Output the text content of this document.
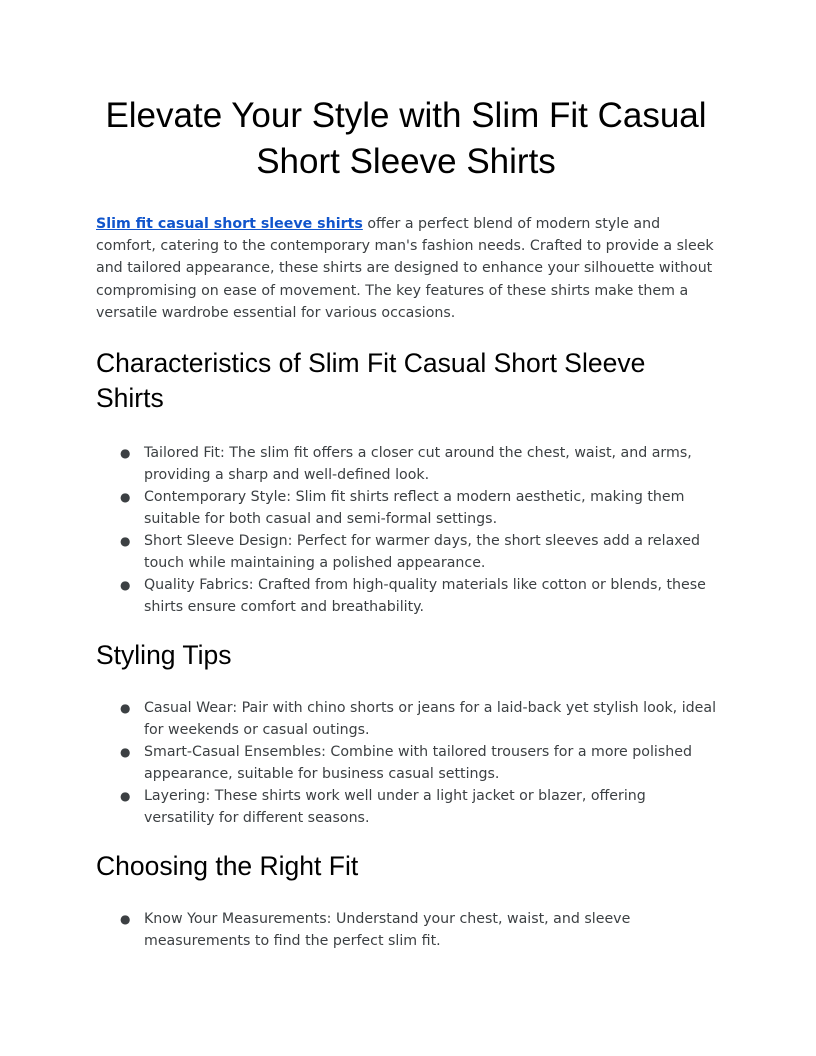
Elevate Your Style with Slim Fit Casual Short Sleeve Shirts

Slim fit casual short sleeve shirts offer a perfect blend of modern style and comfort, catering to the contemporary man's fashion needs. Crafted to provide a sleek and tailored appearance, these shirts are designed to enhance your silhouette without compromising on ease of movement. The key features of these shirts make them a versatile wardrobe essential for various occasions.

Characteristics of Slim Fit Casual Short Sleeve Shirts
● Tailored Fit: The slim fit offers a closer cut around the chest, waist, and arms, providing a sharp and well-defined look.
● Contemporary Style: Slim fit shirts reflect a modern aesthetic, making them suitable for both casual and semi-formal settings.
● Short Sleeve Design: Perfect for warmer days, the short sleeves add a relaxed touch while maintaining a polished appearance.
● Quality Fabrics: Crafted from high-quality materials like cotton or blends, these shirts ensure comfort and breathability.
Styling Tips
● Casual Wear: Pair with chino shorts or jeans for a laid-back yet stylish look, ideal for weekends or casual outings.
● Smart-Casual Ensembles: Combine with tailored trousers for a more polished appearance, suitable for business casual settings.
● Layering: These shirts work well under a light jacket or blazer, offering versatility for different seasons.
Choosing the Right Fit
● Know Your Measurements: Understand your chest, waist, and sleeve measurements to find the perfect slim fit.
